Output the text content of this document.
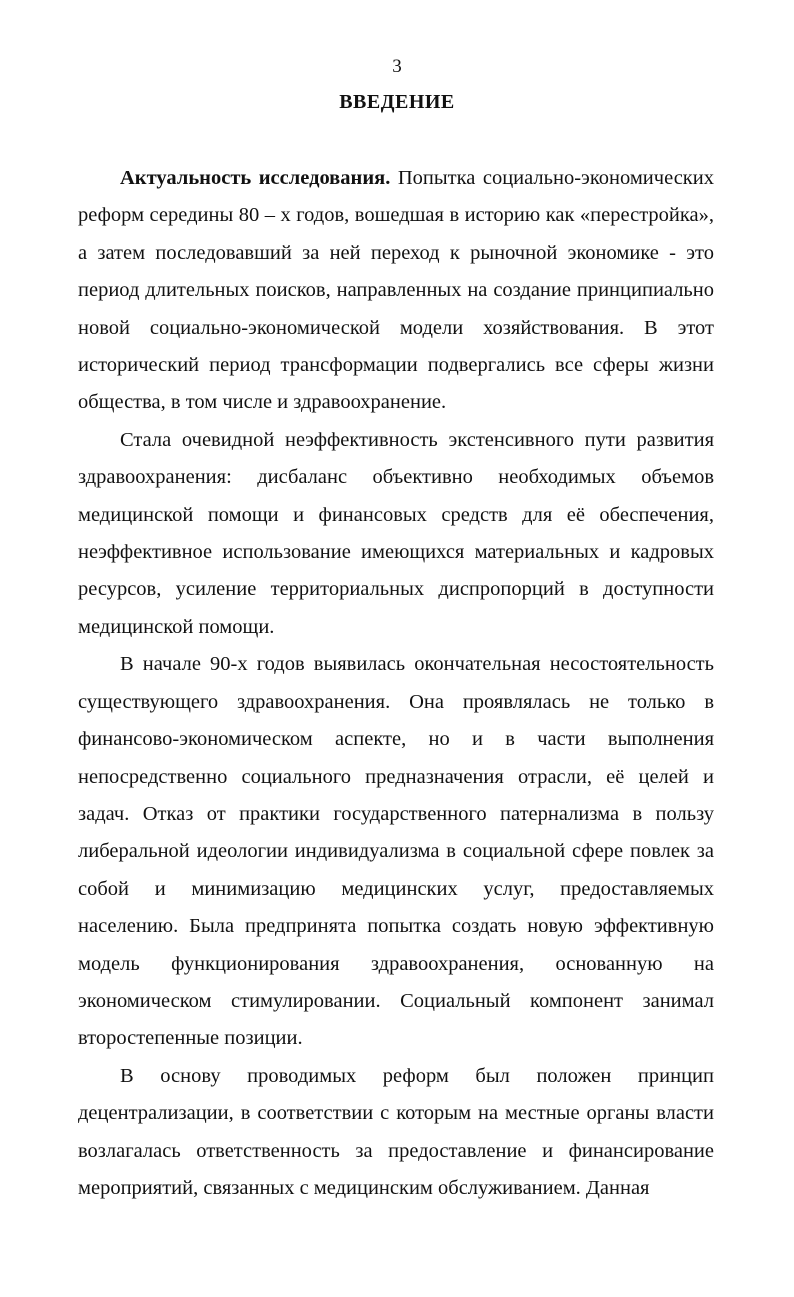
3
ВВЕДЕНИЕ

Актуальность исследования. Попытка социально-экономических реформ середины 80 – х годов, вошедшая в историю как «перестройка», а затем последовавший за ней переход к рыночной экономике - это период длительных поисков, направленных на создание принципиально новой социально-экономической модели хозяйствования. В этот исторический период трансформации подвергались все сферы жизни общества, в том числе и здравоохранение.

Стала очевидной неэффективность экстенсивного пути развития здравоохранения: дисбаланс объективно необходимых объемов медицинской помощи и финансовых средств для её обеспечения, неэффективное использование имеющихся материальных и кадровых ресурсов, усиление территориальных диспропорций в доступности медицинской помощи.

В начале 90-х годов выявилась окончательная несостоятельность существующего здравоохранения. Она проявлялась не только в финансово-экономическом аспекте, но и в части выполнения непосредственно социального предназначения отрасли, её целей и задач. Отказ от практики государственного патернализма в пользу либеральной идеологии индивидуализма в социальной сфере повлек за собой и минимизацию медицинских услуг, предоставляемых населению. Была предпринята попытка создать новую эффективную модель функционирования здравоохранения, основанную на экономическом стимулировании. Социальный компонент занимал второстепенные позиции.

В основу проводимых реформ был положен принцип децентрализации, в соответствии с которым на местные органы власти возлагалась ответственность за предоставление и финансирование мероприятий, связанных с медицинским обслуживанием. Данная
